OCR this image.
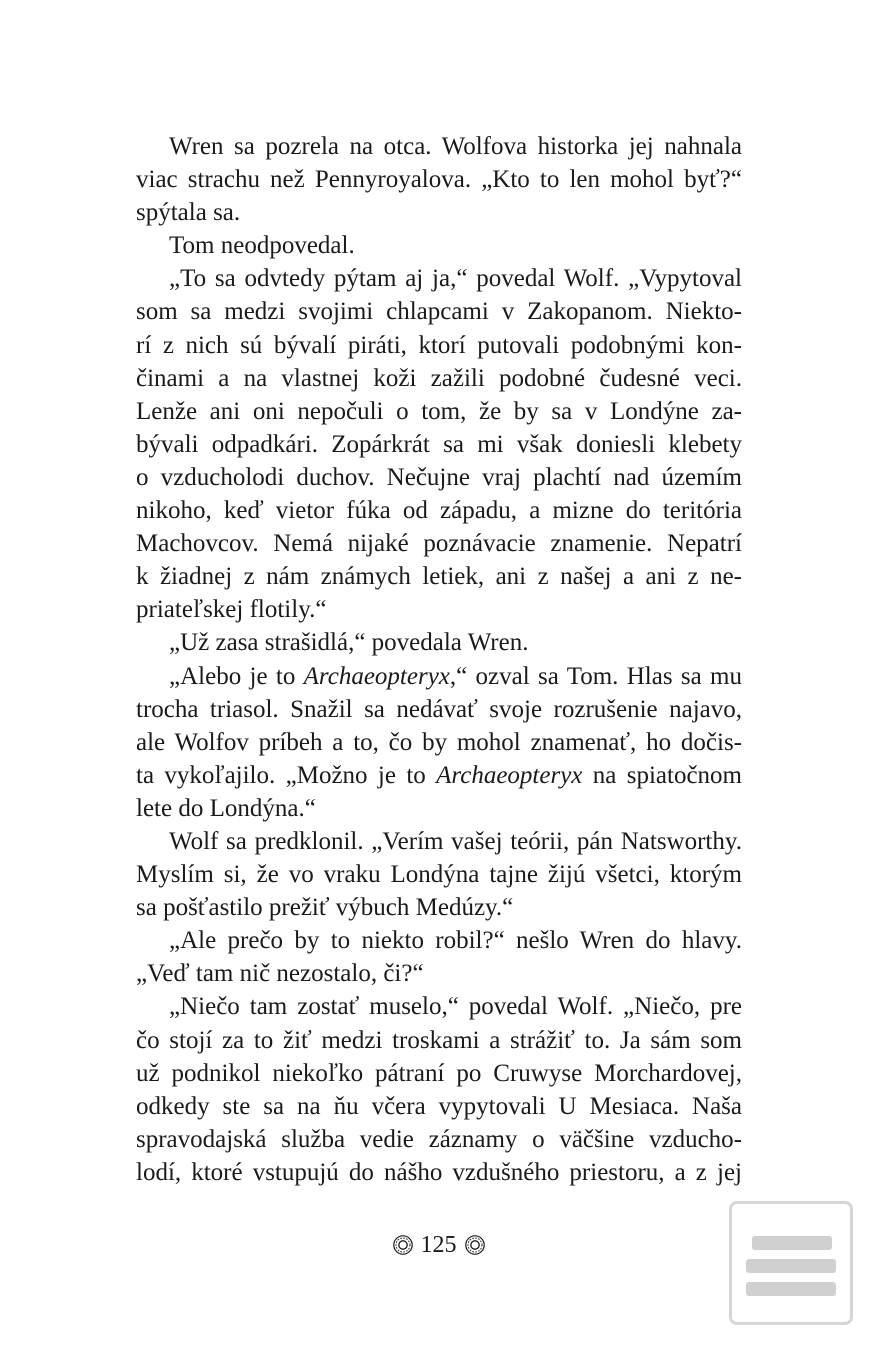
Wren sa pozrela na otca. Wolfova historka jej nahnala
viac strachu než Pennyroyalova. „Kto to len mohol byť?“
spýtala sa.
Tom neodpovedal.
„To sa odvtedy pýtam aj ja,“ povedal Wolf. „Vypytoval
som sa medzi svojimi chlapcami v Zakopanom. Niekto-
rí z nich sú bývalí piráti, ktorí putovali podobnými kon-
činami a na vlastnej koži zažili podobné čudesné veci.
Lenže ani oni nepočuli o tom, že by sa v Londýne za-
bývali odpadkári. Zopárkrát sa mi však doniesli klebety
o vzducholodi duchov. Nečujne vraj plachtí nad územím
nikoho, keď vietor fúka od západu, a mizne do teritória
Machovcov. Nemá nijaké poznávacie znamenie. Nepatrí
k žiadnej z nám známych letiek, ani z našej a ani z ne-
priateľskej flotily.“
„Už zasa strašidlá,“ povedala Wren.
„Alebo je to Archaeopteryx,“ ozval sa Tom. Hlas sa mu
trocha triasol. Snažil sa nedávať svoje rozrušenie najavo,
ale Wolfov príbeh a to, čo by mohol znamenať, ho dočis-
ta vykoľajilo. „Možno je to Archaeopteryx na spiatočnom
lete do Londýna.“
Wolf sa predklonil. „Verím vašej teórii, pán Natsworthy.
Myslím si, že vo vraku Londýna tajne žijú všetci, ktorým
sa pošťastilo prežiť výbuch Medúzy.“
„Ale prečo by to niekto robil?“ nešlo Wren do hlavy.
„Veď tam nič nezostalo, či?“
„Niečo tam zostať muselo,“ povedal Wolf. „Niečo, pre
čo stojí za to žiť medzi troskami a strážiť to. Ja sám som
už podnikol niekoľko pátraní po Cruwyse Morchardovej,
odkedy ste sa na ňu včera vypytovali U Mesiaca. Naša
spravodajská služba vedie záznamy o väčšine vzducho-
lodí, ktoré vstupujú do nášho vzdušného priestoru, a z jej
125
